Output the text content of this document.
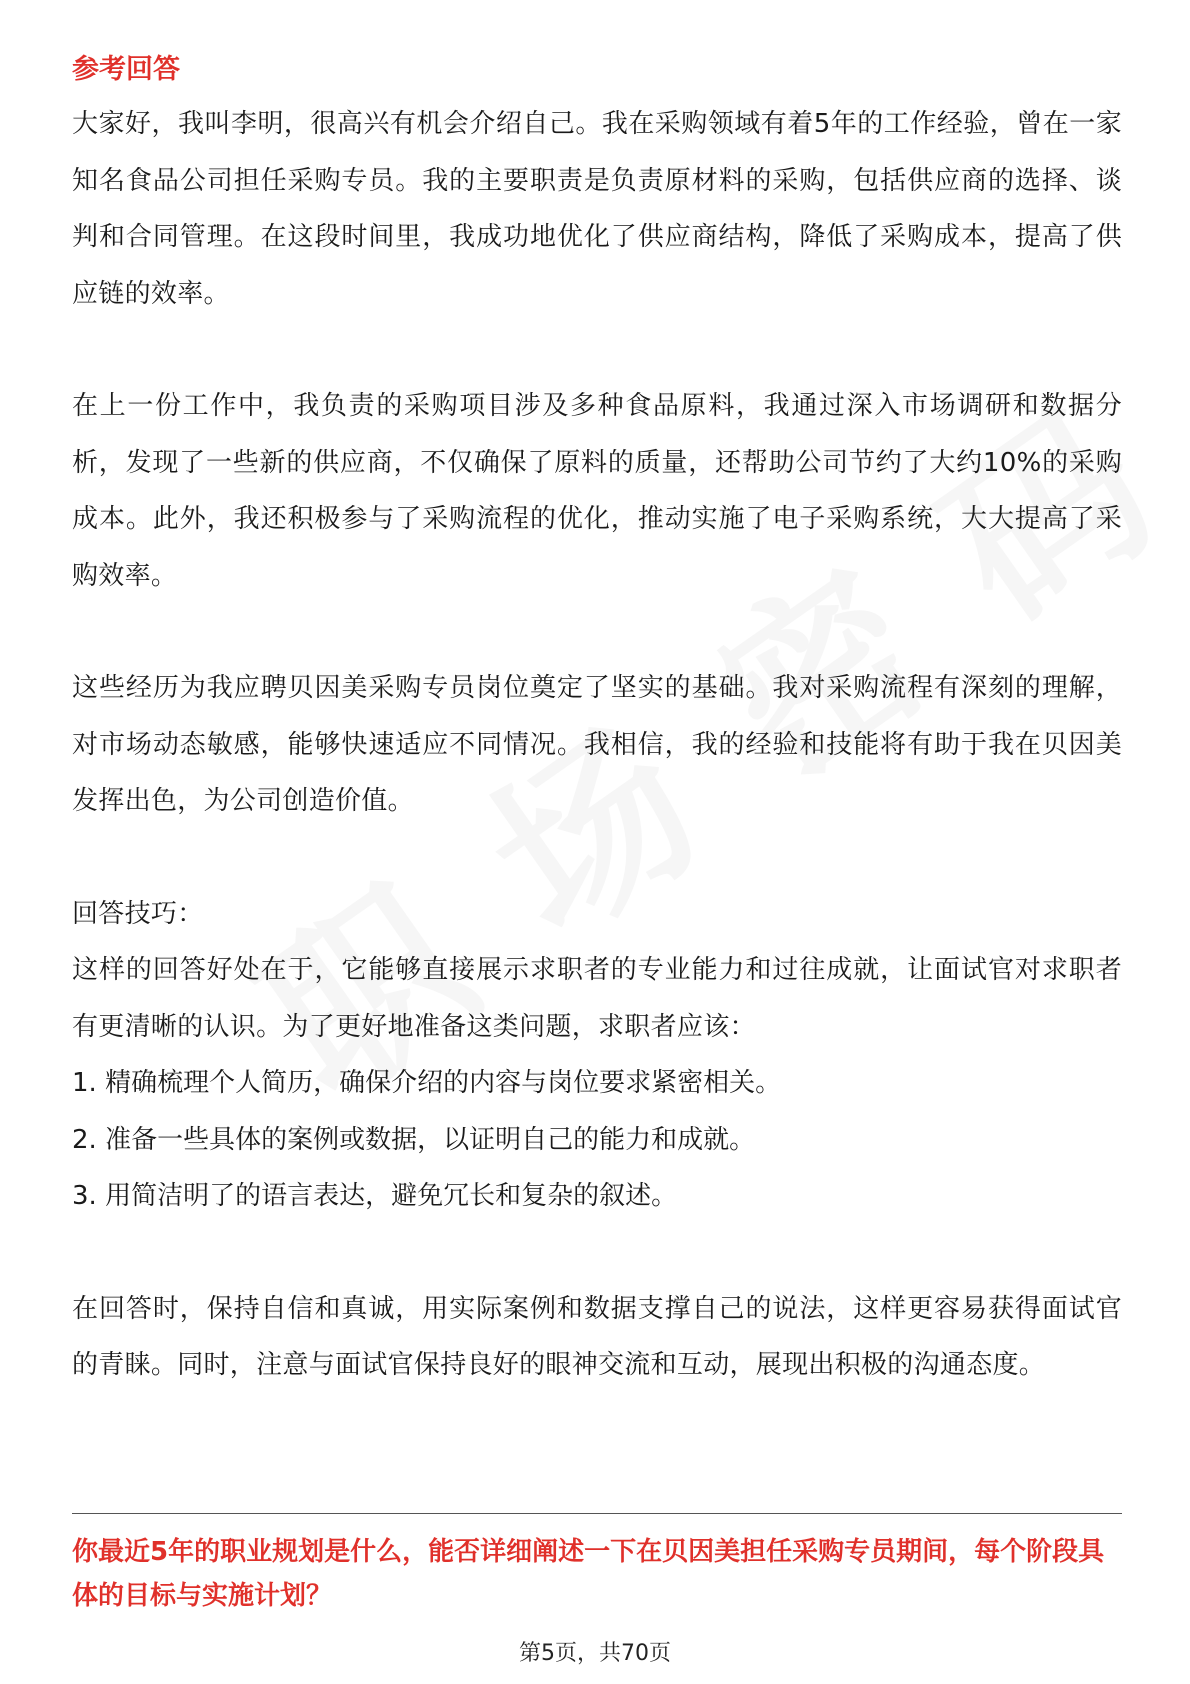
参考回答

大家好，我叫李明，很高兴有机会介绍自己。我在采购领域有着5年的工作经验，曾在一家知名食品公司担任采购专员。我的主要职责是负责原材料的采购，包括供应商的选择、谈判和合同管理。在这段时间里，我成功地优化了供应商结构，降低了采购成本，提高了供应链的效率。

在上一份工作中，我负责的采购项目涉及多种食品原料，我通过深入市场调研和数据分析，发现了一些新的供应商，不仅确保了原料的质量，还帮助公司节约了大约10%的采购成本。此外，我还积极参与了采购流程的优化，推动实施了电子采购系统，大大提高了采购效率。

这些经历为我应聘贝因美采购专员岗位奠定了坚实的基础。我对采购流程有深刻的理解，对市场动态敏感，能够快速适应不同情况。我相信，我的经验和技能将有助于我在贝因美发挥出色，为公司创造价值。

回答技巧：

这样的回答好处在于，它能够直接展示求职者的专业能力和过往成就，让面试官对求职者有更清晰的认识。为了更好地准备这类问题，求职者应该：

1. 精确梳理个人简历，确保介绍的内容与岗位要求紧密相关。

2. 准备一些具体的案例或数据，以证明自己的能力和成就。

3. 用简洁明了的语言表达，避免冗长和复杂的叙述。

在回答时，保持自信和真诚，用实际案例和数据支撑自己的说法，这样更容易获得面试官的青睐。同时，注意与面试官保持良好的眼神交流和互动，展现出积极的沟通态度。

你最近5年的职业规划是什么，能否详细阐述一下在贝因美担任采购专员期间，每个阶段具体的目标与实施计划？

第5页，共70页
